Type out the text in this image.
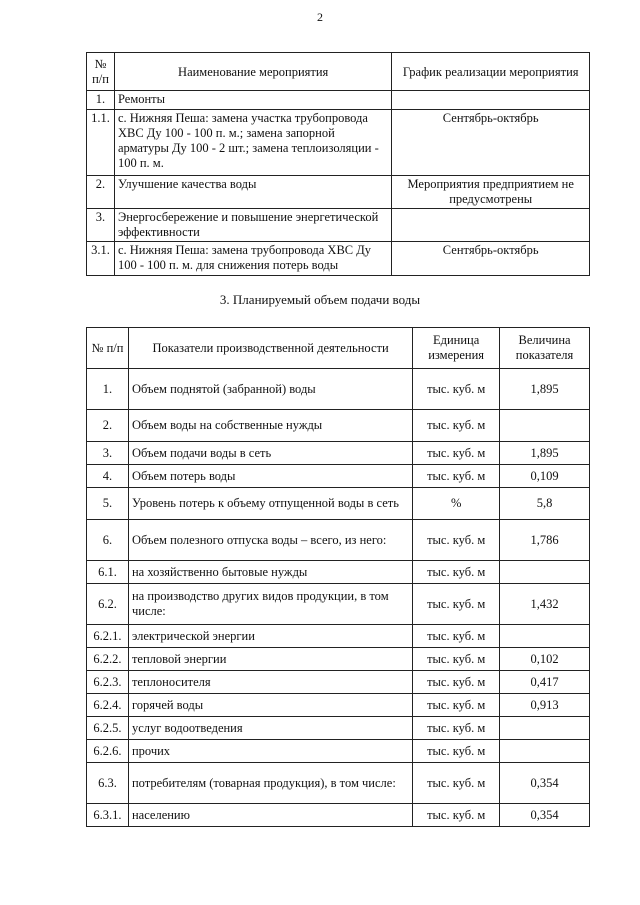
2
№ п/п	Наименование мероприятия	График реализации мероприятия
1.	Ремонты	
1.1.	с. Нижняя Пеша: замена участка трубопровода ХВС Ду 100 - 100 п. м.; замена запорной арматуры Ду 100 - 2 шт.; замена теплоизоляции - 100 п. м.	Сентябрь-октябрь
2.	Улучшение качества воды	Мероприятия предприятием не предусмотрены
3.	Энергосбережение и повышение энергетической эффективности	
3.1.	с. Нижняя Пеша: замена трубопровода ХВС Ду 100 - 100 п. м. для снижения потерь воды	Сентябрь-октябрь
3. Планируемый объем подачи воды
№ п/п	Показатели производственной деятельности	Единица измерения	Величина показателя
1.	Объем поднятой (забранной) воды	тыс. куб. м	1,895
2.	Объем воды на собственные нужды	тыс. куб. м	
3.	Объем подачи воды в сеть	тыс. куб. м	1,895
4.	Объем потерь воды	тыс. куб. м	0,109
5.	Уровень потерь к объему отпущенной воды в сеть	%	5,8
6.	Объем полезного отпуска воды – всего, из него:	тыс. куб. м	1,786
6.1.	на хозяйственно бытовые нужды	тыс. куб. м	
6.2.	на производство других видов продукции, в том числе:	тыс. куб. м	1,432
6.2.1.	электрической энергии	тыс. куб. м	
6.2.2.	тепловой энергии	тыс. куб. м	0,102
6.2.3.	теплоносителя	тыс. куб. м	0,417
6.2.4.	горячей воды	тыс. куб. м	0,913
6.2.5.	услуг водоотведения	тыс. куб. м	
6.2.6.	прочих	тыс. куб. м	
6.3.	потребителям (товарная продукция), в том числе:	тыс. куб. м	0,354
6.3.1.	населению	тыс. куб. м	0,354
